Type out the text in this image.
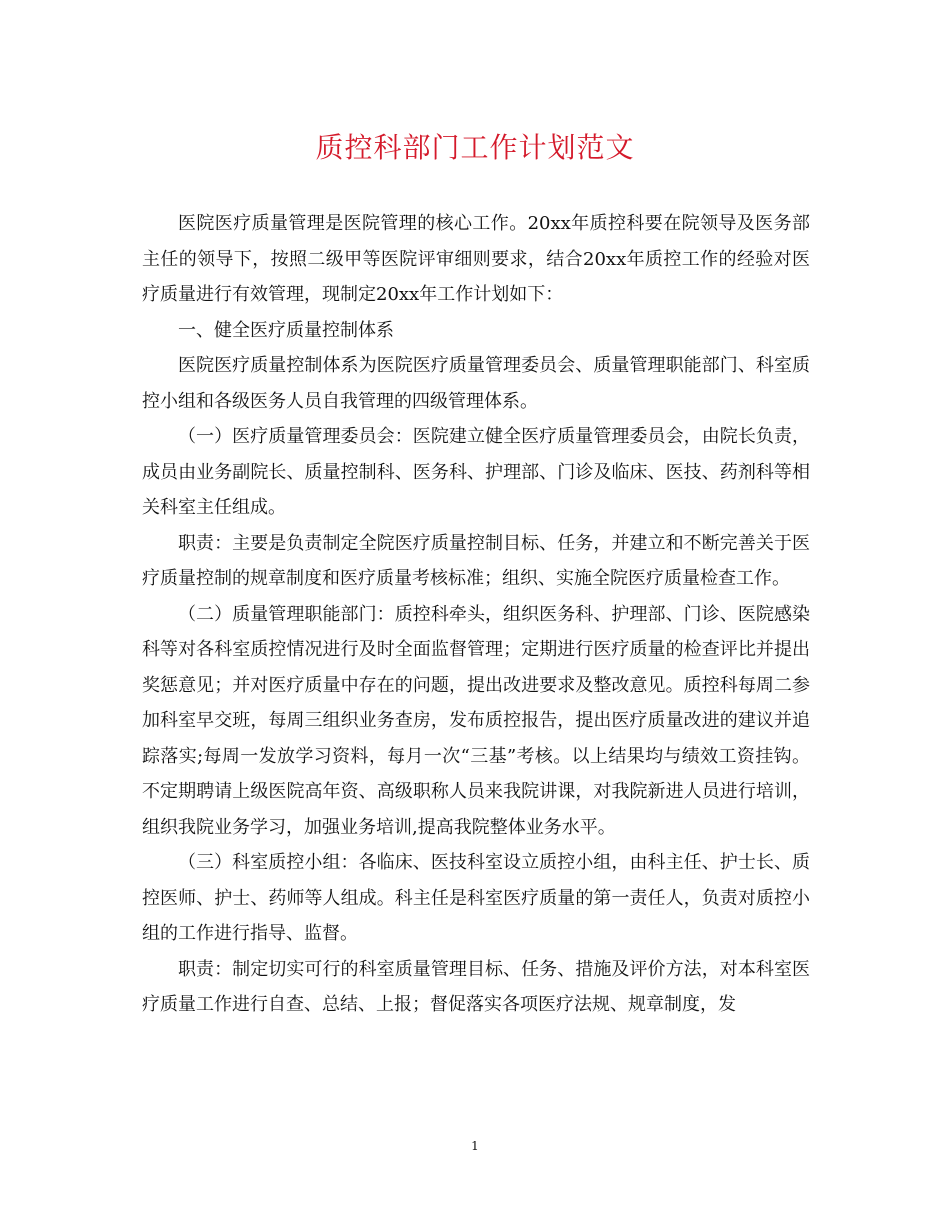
质控科部门工作计划范文

医院医疗质量管理是医院管理的核心工作。20xx年质控科要在院领导及医务部主任的领导下，按照二级甲等医院评审细则要求，结合20xx年质控工作的经验对医疗质量进行有效管理，现制定20xx年工作计划如下：

一、健全医疗质量控制体系

医院医疗质量控制体系为医院医疗质量管理委员会、质量管理职能部门、科室质控小组和各级医务人员自我管理的四级管理体系。

（一）医疗质量管理委员会：医院建立健全医疗质量管理委员会，由院长负责，成员由业务副院长、质量控制科、医务科、护理部、门诊及临床、医技、药剂科等相关科室主任组成。

职责：主要是负责制定全院医疗质量控制目标、任务，并建立和不断完善关于医疗质量控制的规章制度和医疗质量考核标准；组织、实施全院医疗质量检查工作。

（二）质量管理职能部门：质控科牵头，组织医务科、护理部、门诊、医院感染科等对各科室质控情况进行及时全面监督管理；定期进行医疗质量的检查评比并提出奖惩意见；并对医疗质量中存在的问题，提出改进要求及整改意见。质控科每周二参加科室早交班，每周三组织业务查房，发布质控报告，提出医疗质量改进的建议并追踪落实;每周一发放学习资料，每月一次“三基”考核。以上结果均与绩效工资挂钩。不定期聘请上级医院高年资、高级职称人员来我院讲课，对我院新进人员进行培训，组织我院业务学习，加强业务培训,提高我院整体业务水平。

（三）科室质控小组：各临床、医技科室设立质控小组，由科主任、护士长、质控医师、护士、药师等人组成。科主任是科室医疗质量的第一责任人，负责对质控小组的工作进行指导、监督。

职责：制定切实可行的科室质量管理目标、任务、措施及评价方法，对本科室医疗质量工作进行自查、总结、上报；督促落实各项医疗法规、规章制度，发

1
